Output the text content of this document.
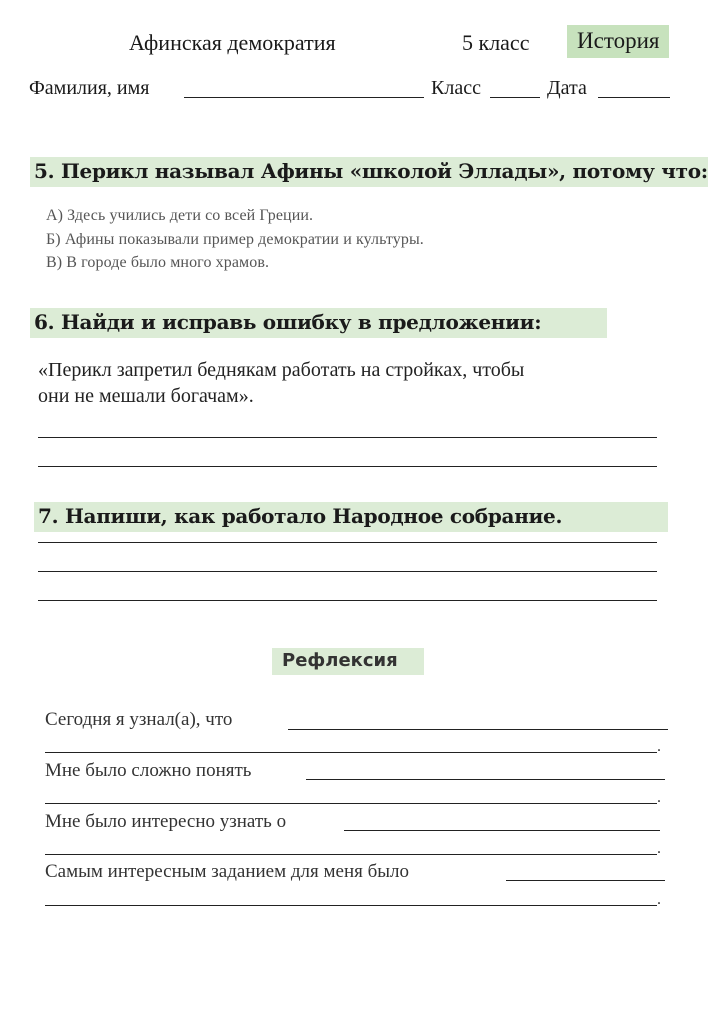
Афинская демократия	5 класс	История
Фамилия, имя	Класс	Дата
5. Перикл называл Афины «школой Эллады», потому что:
А) Здесь учились дети со всей Греции.
Б) Афины показывали пример демократии и культуры.
В) В городе было много храмов.
6. Найди и исправь ошибку в предложении:
«Перикл запретил беднякам работать на стройках, чтобы
они не мешали богачам».
7. Напиши, как работало Народное собрание.
Рефлексия
Сегодня я узнал(а), что
.
Мне было сложно понять
.
Мне было интересно узнать о
.
Самым интересным заданием для меня было
.
